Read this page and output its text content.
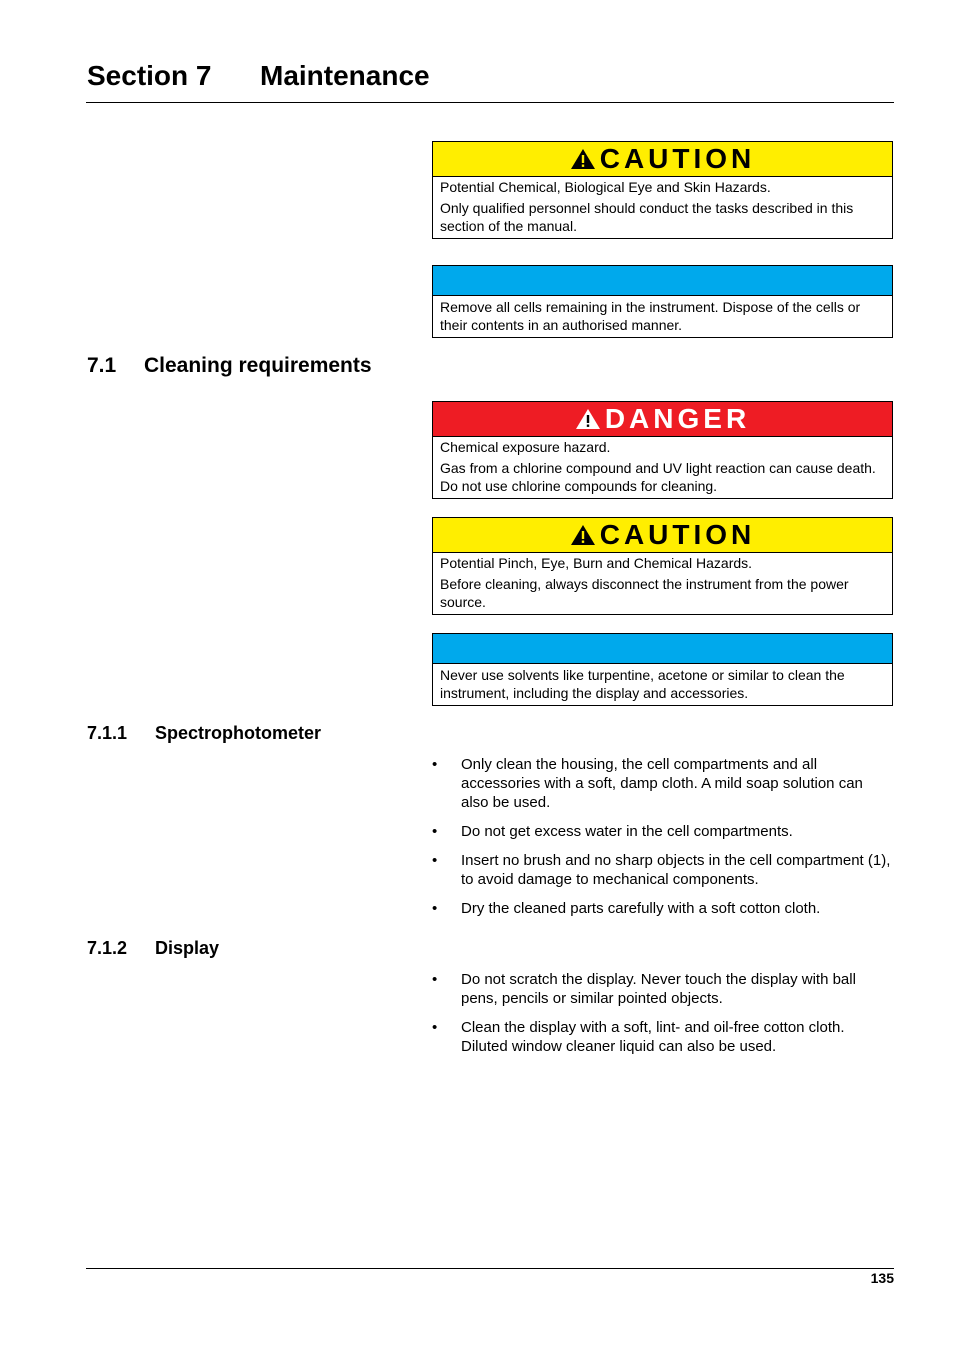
Section 7 Maintenance
CAUTION

Potential Chemical, Biological Eye and Skin Hazards.

Only qualified personnel should conduct the tasks described in this section of the manual.

Remove all cells remaining in the instrument. Dispose of the cells or their contents in an authorised manner.

7.1 Cleaning requirements
DANGER

Chemical exposure hazard.

Gas from a chlorine compound and UV light reaction can cause death. Do not use chlorine compounds for cleaning.

CAUTION

Potential Pinch, Eye, Burn and Chemical Hazards.

Before cleaning, always disconnect the instrument from the power source.

Never use solvents like turpentine, acetone or similar to clean the instrument, including the display and accessories.

7.1.1 Spectrophotometer
• Only clean the housing, the cell compartments and all accessories with a soft, damp cloth. A mild soap solution can also be used.
• Do not get excess water in the cell compartments.
• Insert no brush and no sharp objects in the cell compartment (1), to avoid damage to mechanical components.
• Dry the cleaned parts carefully with a soft cotton cloth.
7.1.2 Display
• Do not scratch the display. Never touch the display with ball pens, pencils or similar pointed objects.
• Clean the display with a soft, lint- and oil-free cotton cloth. Diluted window cleaner liquid can also be used.
135
